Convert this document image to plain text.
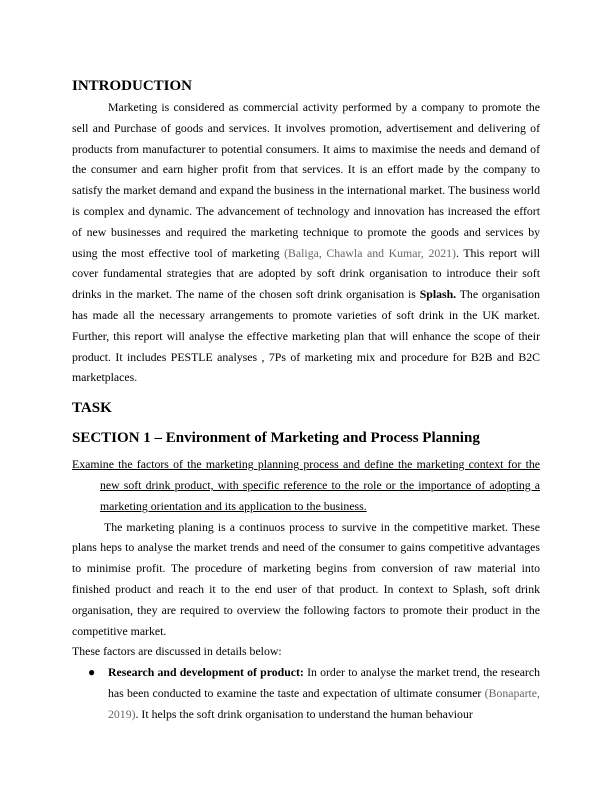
INTRODUCTION

Marketing is considered as commercial activity performed by a company to promote the sell and Purchase of goods and services. It involves promotion, advertisement and delivering of products from manufacturer to potential consumers. It aims to maximise the needs and demand of the consumer and earn higher profit from that services. It is an effort made by the company to satisfy the market demand and expand the business in the international market. The business world is complex and dynamic. The advancement of technology and innovation has increased the effort of new businesses and required the marketing technique to promote the goods and services by using the most effective tool of marketing (Baliga, Chawla and Kumar, 2021). This report will cover fundamental strategies that are adopted by soft drink organisation to introduce their soft drinks in the market. The name of the chosen soft drink organisation is Splash. The organisation has made all the necessary arrangements to promote varieties of soft drink in the UK market. Further, this report will analyse the effective marketing plan that will enhance the scope of their product. It includes PESTLE analyses , 7Ps of marketing mix and procedure for B2B and B2C marketplaces.

TASK
SECTION 1 – Environment of Marketing and Process Planning

Examine the factors of the marketing planning process and define the marketing context for the new soft drink product, with specific reference to the role or the importance of adopting a marketing orientation and its application to the business.

The marketing planing is a continuos process to survive in the competitive market. These plans heps to analyse the market trends and need of the consumer to gains competitive advantages to minimise profit. The procedure of marketing begins from conversion of raw material into finished product and reach it to the end user of that product. In context to Splash, soft drink organisation, they are required to overview the following factors to promote their product in the competitive market.

These factors are discussed in details below:

● Research and development of product: In order to analyse the market trend, the research has been conducted to examine the taste and expectation of ultimate consumer (Bonaparte, 2019). It helps the soft drink organisation to understand the human behaviour
